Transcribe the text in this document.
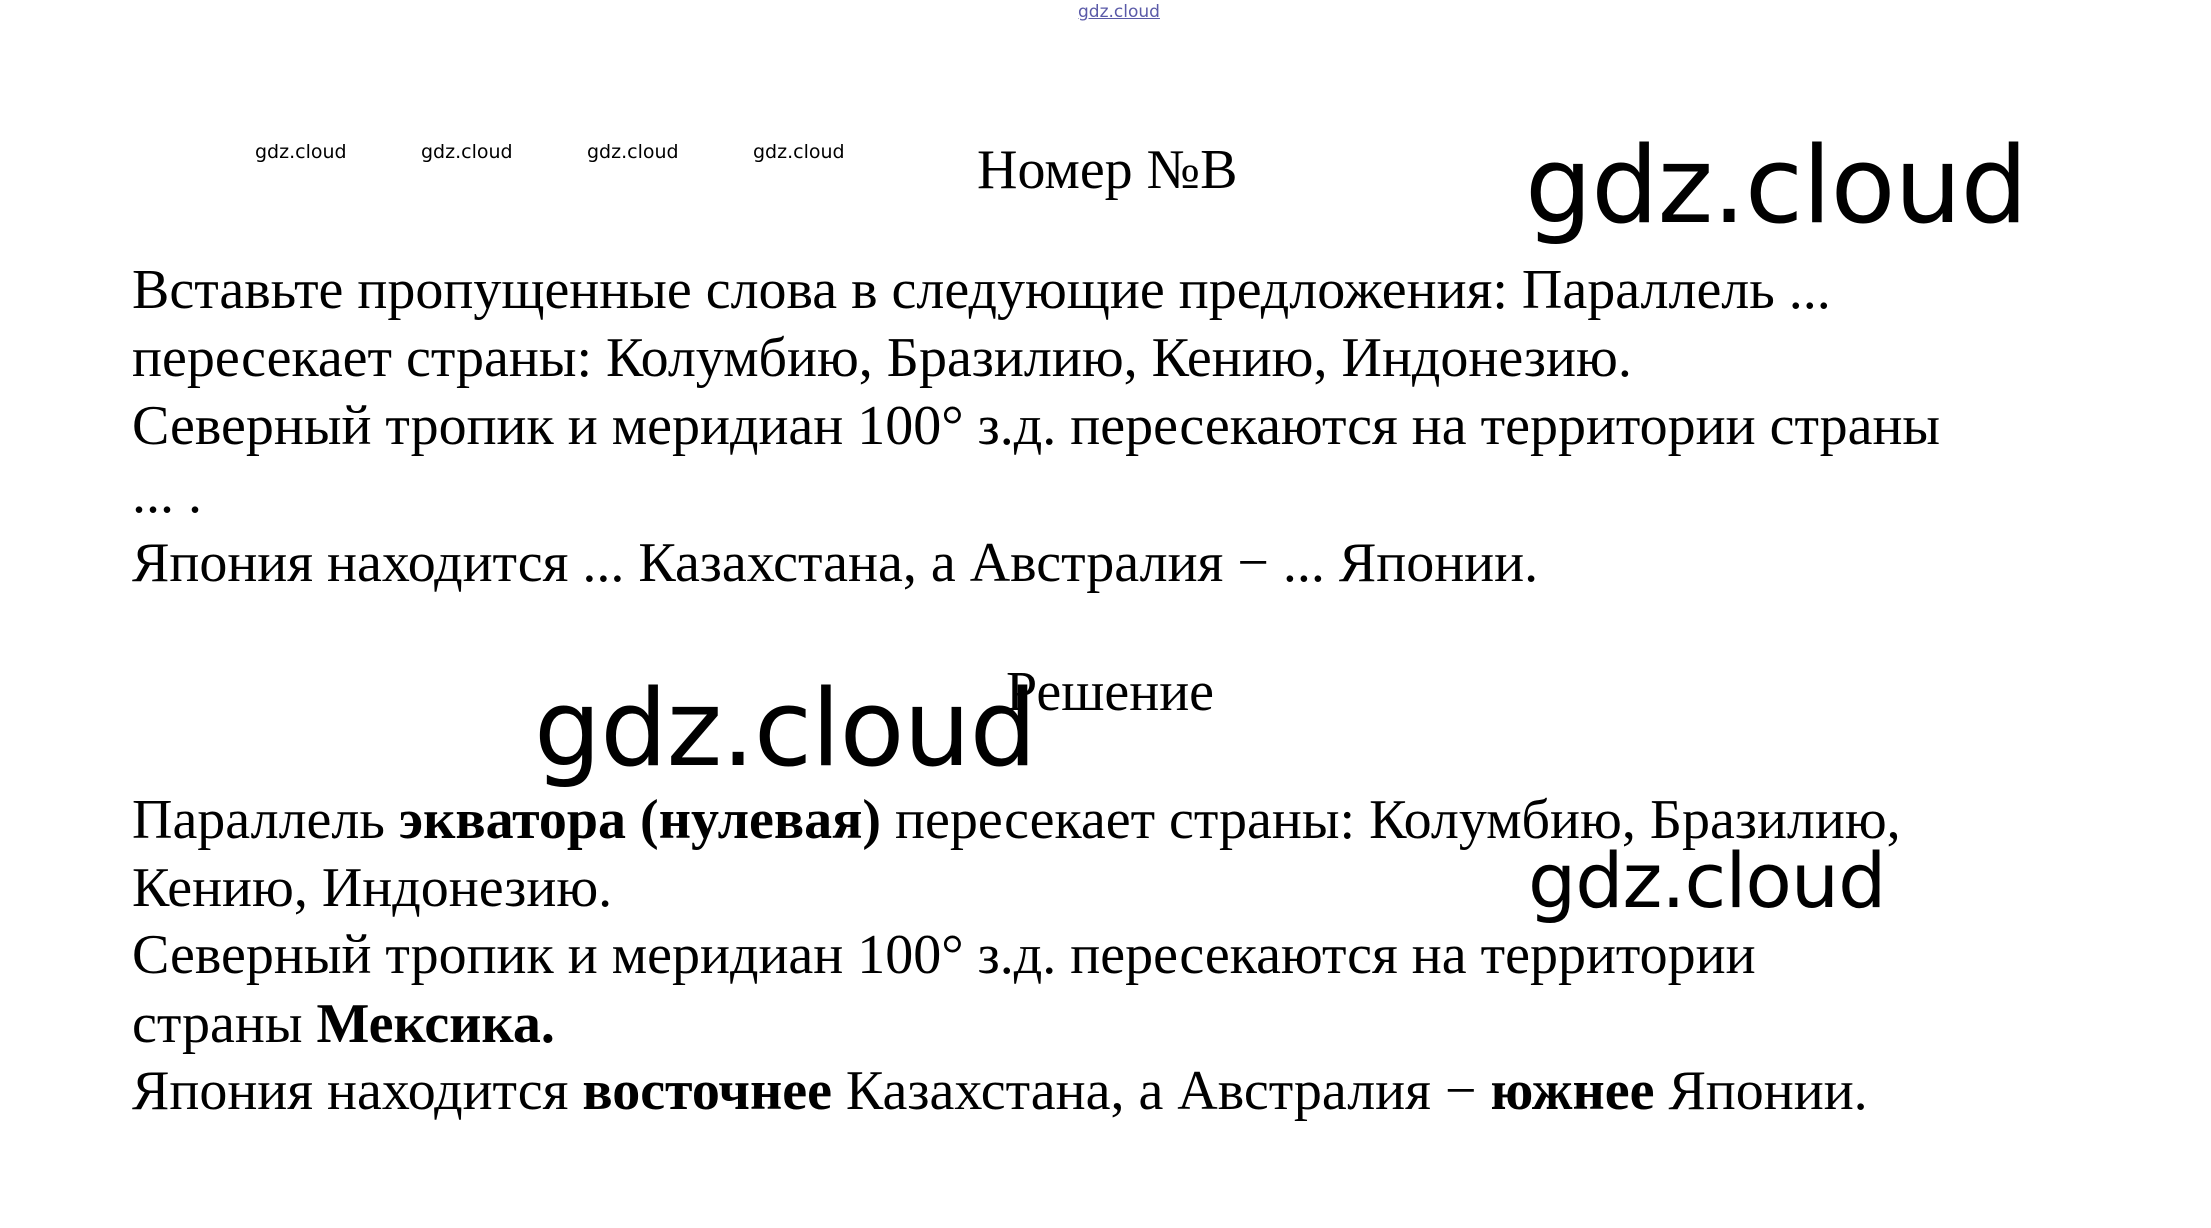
gdz.cloud
gdz.cloud	gdz.cloud	gdz.cloud	gdz.cloud	gdz.cloud
gdz.cloud
gdz.cloud
Номер №В
Вставьте пропущенные слова в следующие предложения: Параллель ...
пересекает страны: Колумбию, Бразилию, Кению, Индонезию.
Северный тропик и меридиан 100° з.д. пересекаются на территории страны
... .
Япония находится ... Казахстана, а Австралия − ... Японии.
Решение
Параллель экватора (нулевая) пересекает страны: Колумбию, Бразилию,
Кению, Индонезию.
Северный тропик и меридиан 100° з.д. пересекаются на территории
страны Мексика.
Япония находится восточнее Казахстана, а Австралия − южнее Японии.
